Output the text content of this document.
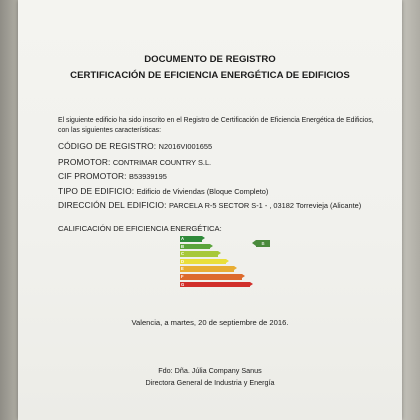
DOCUMENTO DE REGISTRO
CERTIFICACIÓN DE EFICIENCIA ENERGÉTICA DE EDIFICIOS
El siguiente edificio ha sido inscrito en el Registro de Certificación de Eficiencia Energética de Edificios, con las siguientes características:
CÓDIGO DE REGISTRO: N2016VI001655
PROMOTOR: CONTRIMAR COUNTRY S.L.
CIF PROMOTOR: B53939195
TIPO DE EDIFICIO: Edificio de Viviendas (Bloque Completo)
DIRECCIÓN DEL EDIFICIO: PARCELA R-5 SECTOR S-1 - , 03182 Torrevieja (Alicante)
CALIFICACIÓN DE EFICIENCIA ENERGÉTICA:
A
B
C
D
E
F
G
B
Valencia, a martes, 20 de septiembre de 2016.
Fdo: Dña. Júlia Company Sanus
Directora General de Industria y Energía
